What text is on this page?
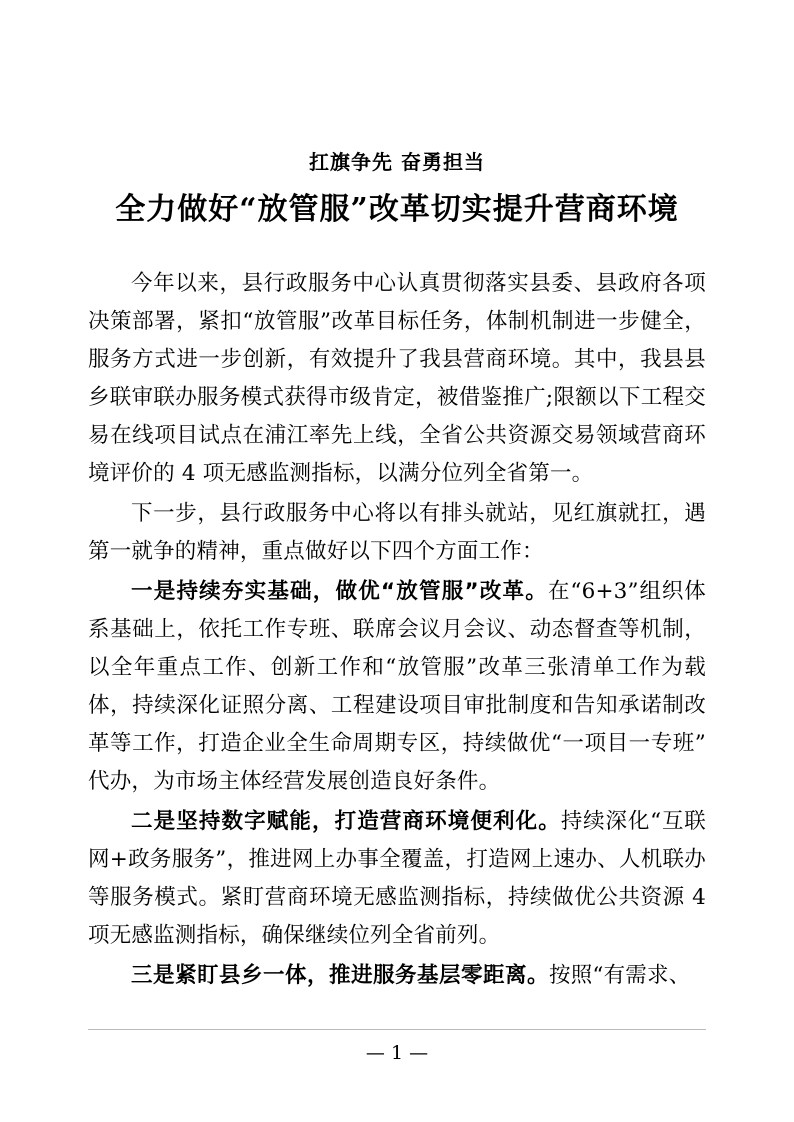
扛旗争先 奋勇担当
全力做好“放管服”改革切实提升营商环境

今年以来，县行政服务中心认真贯彻落实县委、县政府各项决策部署，紧扣“放管服”改革目标任务，体制机制进一步健全， 服务方式进一步创新，有效提升了我县营商环境。其中，我县县乡联审联办服务模式获得市级肯定，被借鉴推广;限额以下工程交易在线项目试点在浦江率先上线，全省公共资源交易领域营商环境评价的 4 项无感监测指标，以满分位列全省第一。

下一步，县行政服务中心将以有排头就站，见红旗就扛，遇第一就争的精神，重点做好以下四个方面工作：

一是持续夯实基础，做优“放管服”改革。在“6+3”组织体系基础上，依托工作专班、联席会议月会议、动态督查等机制，以全年重点工作、创新工作和“放管服”改革三张清单工作为载体，持续深化证照分离、工程建设项目审批制度和告知承诺制改革等工作，打造企业全生命周期专区，持续做优“一项目一专班” 代办，为市场主体经营发展创造良好条件。

二是坚持数字赋能，打造营商环境便利化。持续深化“互联网+政务服务”，推进网上办事全覆盖，打造网上速办、人机联办等服务模式。紧盯营商环境无感监测指标，持续做优公共资源 4 项无感监测指标，确保继续位列全省前列。

三是紧盯县乡一体，推进服务基层零距离。按照“有需求、

— 1 —
